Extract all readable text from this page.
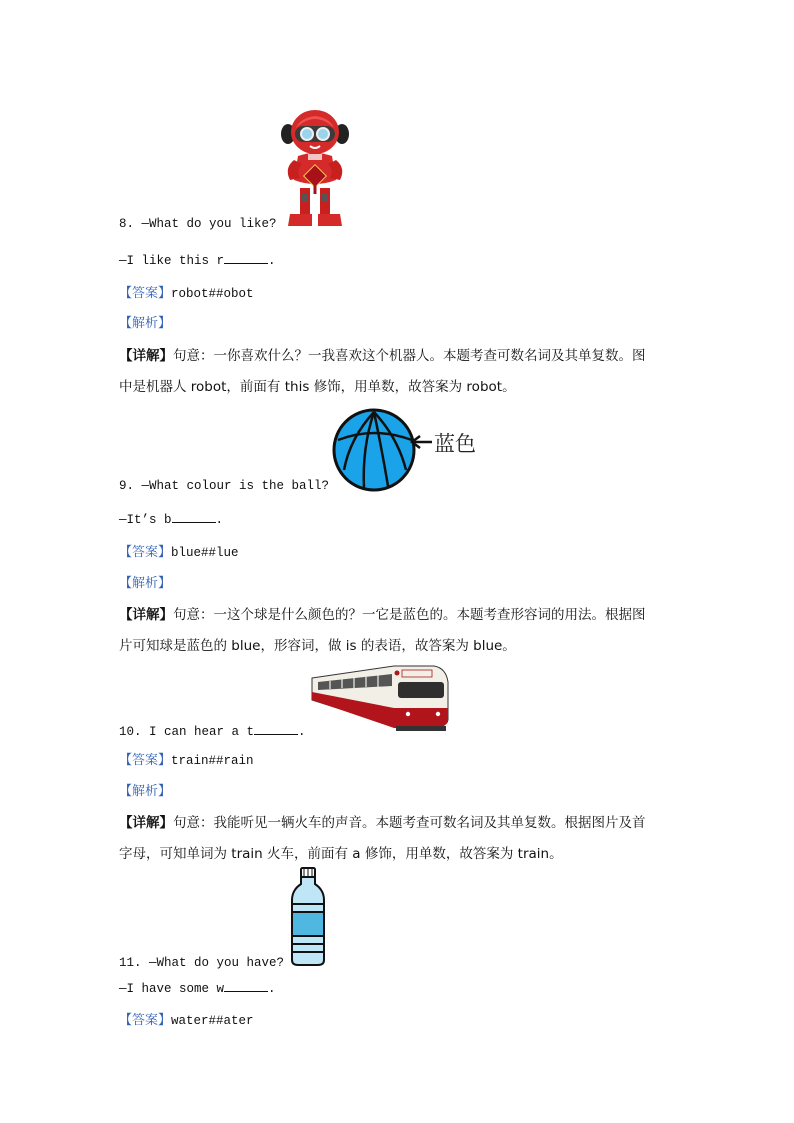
8. —What do you like?
—I like this r	.
【答案】robot##obot
【解析】
【详解】句意：一你喜欢什么？一我喜欢这个机器人。本题考查可数名词及其单复数。图
中是机器人 robot，前面有 this 修饰，用单数，故答案为 robot。
蓝色
9. —What colour is the ball?
—It’s b	.
【答案】blue##lue
【解析】
【详解】句意：一这个球是什么颜色的？一它是蓝色的。本题考查形容词的用法。根据图
片可知球是蓝色的 blue，形容词，做 is 的表语，故答案为 blue。
10. I can hear a t	.
【答案】train##rain
【解析】
【详解】句意：我能听见一辆火车的声音。本题考查可数名词及其单复数。根据图片及首
字母，可知单词为 train 火车，前面有 a 修饰，用单数，故答案为 train。
11. —What do you have?
—I have some w	.
【答案】water##ater
